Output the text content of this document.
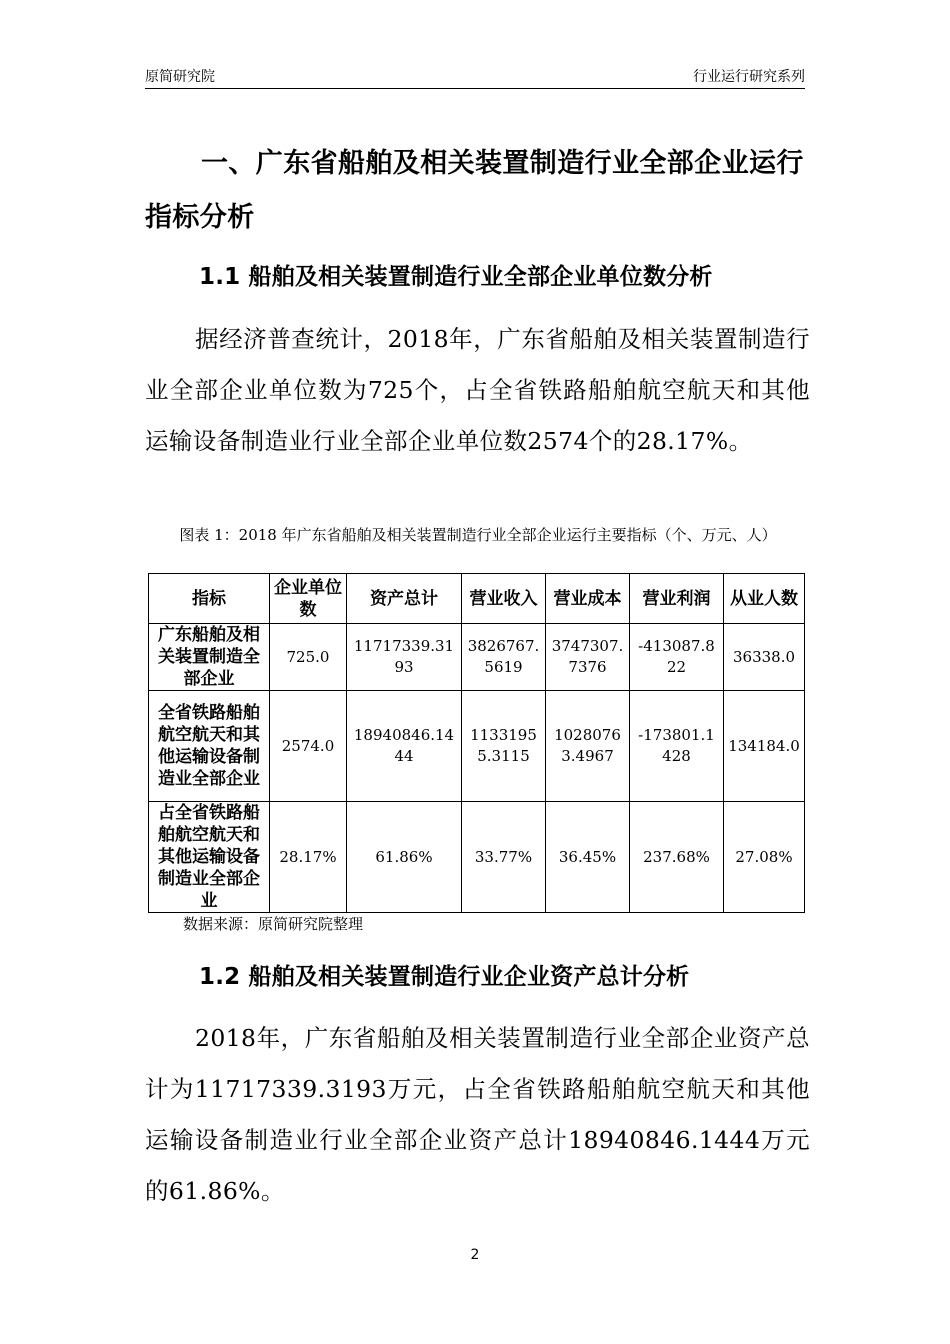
原简研究院	行业运行研究系列
一、广东省船舶及相关装置制造行业全部企业运行指标分析
1.1 船舶及相关装置制造行业全部企业单位数分析
据经济普查统计，2018年，广东省船舶及相关装置制造行业全部企业单位数为725个，占全省铁路船舶航空航天和其他运输设备制造业行业全部企业单位数2574个的28.17%。
图表 1：2018 年广东省船舶及相关装置制造行业全部企业运行主要指标（个、万元、人）
指标	企业单位数	资产总计	营业收入	营业成本	营业利润	从业人数
广东船舶及相关装置制造全部企业	725.0	11717339.3193	3826767.5619	3747307.7376	-413087.822	36338.0
全省铁路船舶航空航天和其他运输设备制造业全部企业	2574.0	18940846.1444	11331955.3115	10280763.4967	-173801.1428	134184.0
占全省铁路船舶航空航天和其他运输设备制造业全部企业	28.17%	61.86%	33.77%	36.45%	237.68%	27.08%
数据来源：原简研究院整理
1.2 船舶及相关装置制造行业企业资产总计分析
2018年，广东省船舶及相关装置制造行业全部企业资产总计为11717339.3193万元，占全省铁路船舶航空航天和其他运输设备制造业行业全部企业资产总计18940846.1444万元的61.86%。
2
